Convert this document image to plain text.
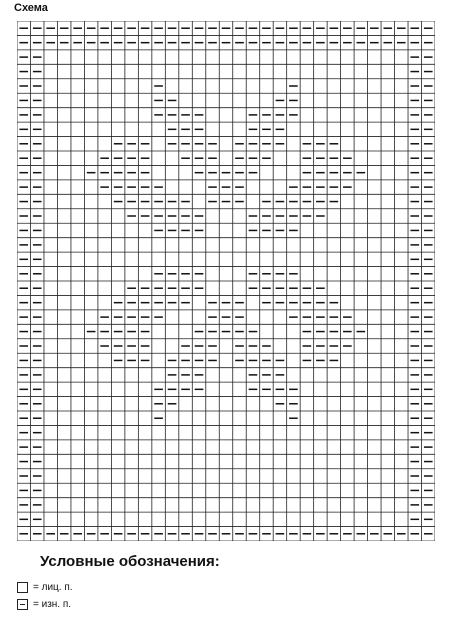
Схема
Условные обозначения:
= лиц. п.
= изн. п.
